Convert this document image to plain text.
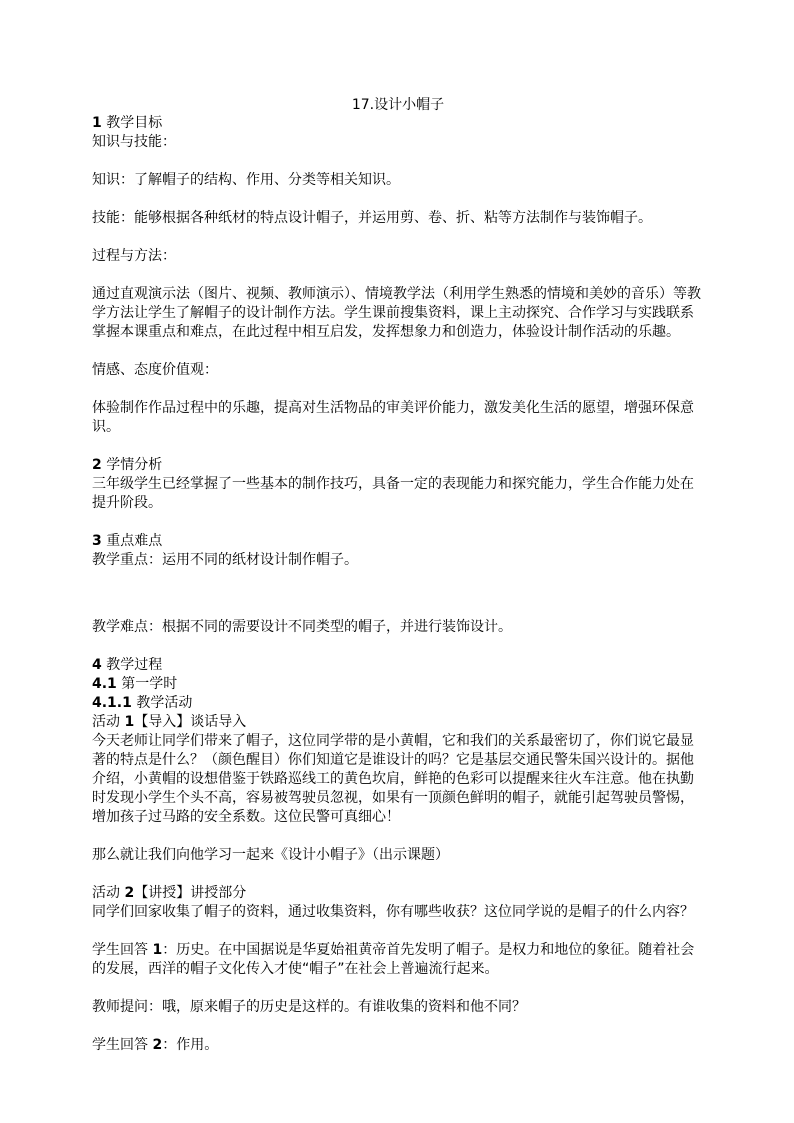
17.设计小帽子

1 教学目标

知识与技能：

知识：了解帽子的结构、作用、分类等相关知识。

技能：能够根据各种纸材的特点设计帽子，并运用剪、卷、折、粘等方法制作与装饰帽子。

过程与方法：

通过直观演示法（图片、视频、教师演示）、情境教学法（利用学生熟悉的情境和美妙的音乐）等教学方法让学生了解帽子的设计制作方法。学生课前搜集资料，课上主动探究、合作学习与实践联系掌握本课重点和难点，在此过程中相互启发，发挥想象力和创造力，体验设计制作活动的乐趣。

情感、态度价值观：

体验制作作品过程中的乐趣，提高对生活物品的审美评价能力，激发美化生活的愿望，增强环保意识。

2 学情分析

三年级学生已经掌握了一些基本的制作技巧，具备一定的表现能力和探究能力，学生合作能力处在提升阶段。

3 重点难点

教学重点：运用不同的纸材设计制作帽子。

教学难点：根据不同的需要设计不同类型的帽子，并进行装饰设计。

4 教学过程

4.1 第一学时

4.1.1 教学活动

活动 1【导入】谈话导入

今天老师让同学们带来了帽子，这位同学带的是小黄帽，它和我们的关系最密切了，你们说它最显著的特点是什么？（颜色醒目）你们知道它是谁设计的吗？它是基层交通民警朱国兴设计的。据他介绍，小黄帽的设想借鉴于铁路巡线工的黄色坎肩，鲜艳的色彩可以提醒来往火车注意。他在执勤时发现小学生个头不高，容易被驾驶员忽视，如果有一顶颜色鲜明的帽子，就能引起驾驶员警惕，增加孩子过马路的安全系数。这位民警可真细心！

那么就让我们向他学习一起来《设计小帽子》（出示课题）

活动 2【讲授】讲授部分

同学们回家收集了帽子的资料，通过收集资料，你有哪些收获？这位同学说的是帽子的什么内容？

学生回答 1：历史。在中国据说是华夏始祖黄帝首先发明了帽子。是权力和地位的象征。随着社会的发展，西洋的帽子文化传入才使“帽子”在社会上普遍流行起来。

教师提问：哦，原来帽子的历史是这样的。有谁收集的资料和他不同？

学生回答 2：作用。
